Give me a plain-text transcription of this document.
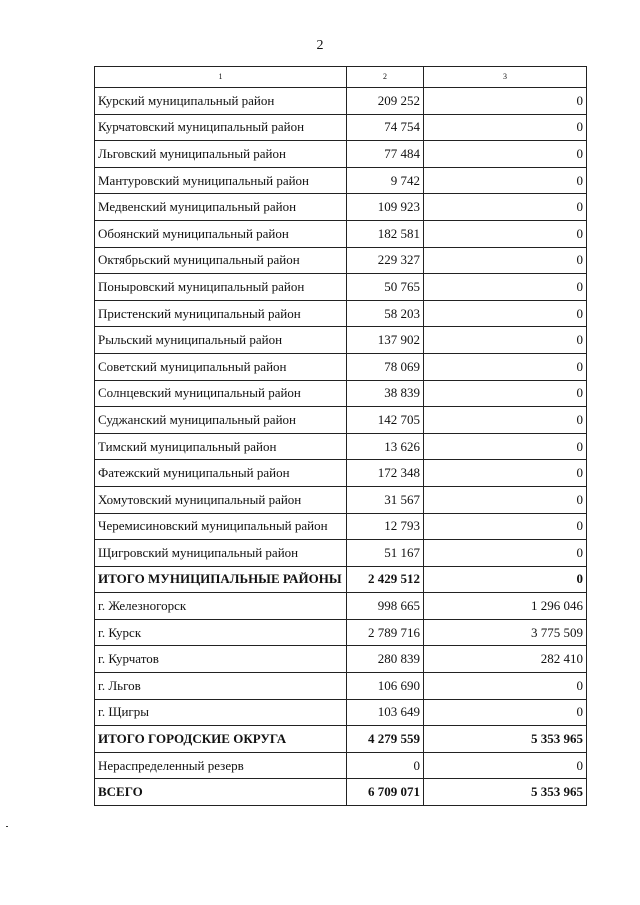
2
1	2	3
Курский муниципальный район	209 252	0
Курчатовский муниципальный район	74 754	0
Льговский муниципальный район	77 484	0
Мантуровский муниципальный район	9 742	0
Медвенский муниципальный район	109 923	0
Обоянский муниципальный район	182 581	0
Октябрьский муниципальный район	229 327	0
Поныровский муниципальный район	50 765	0
Пристенский муниципальный район	58 203	0
Рыльский муниципальный район	137 902	0
Советский муниципальный район	78 069	0
Солнцевский муниципальный район	38 839	0
Суджанский муниципальный район	142 705	0
Тимский муниципальный район	13 626	0
Фатежский муниципальный район	172 348	0
Хомутовский муниципальный район	31 567	0
Черемисиновский муниципальный район	12 793	0
Щигровский муниципальный район	51 167	0
ИТОГО МУНИЦИПАЛЬНЫЕ РАЙОНЫ	2 429 512	0
г. Железногорск	998 665	1 296 046
г. Курск	2 789 716	3 775 509
г. Курчатов	280 839	282 410
г. Льгов	106 690	0
г. Щигры	103 649	0
ИТОГО ГОРОДСКИЕ ОКРУГА	4 279 559	5 353 965
Нераспределенный резерв	0	0
ВСЕГО	6 709 071	5 353 965
